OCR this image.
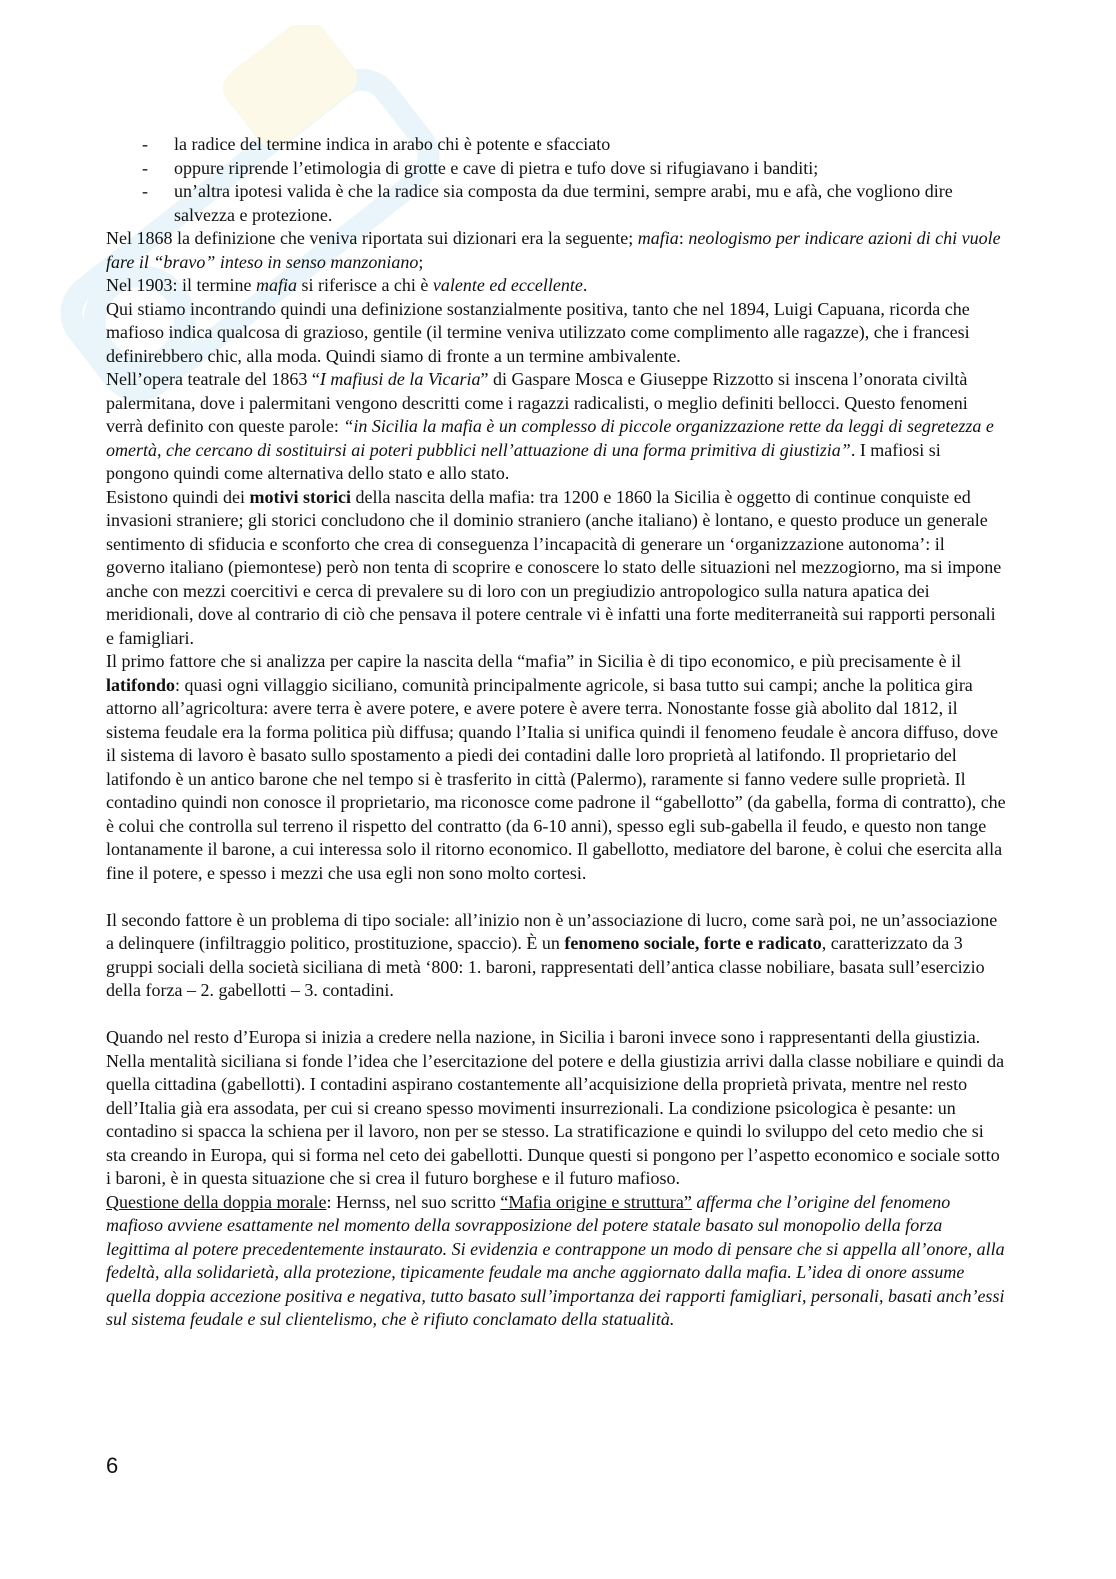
- la radice del termine indica in arabo chi è potente e sfacciato
- oppure riprende l’etimologia di grotte e cave di pietra e tufo dove si rifugiavano i banditi;
- un’altra ipotesi valida è che la radice sia composta da due termini, sempre arabi, mu e afà, che vogliono dire salvezza e protezione.

Nel 1868 la definizione che veniva riportata sui dizionari era la seguente; mafia: neologismo per indicare azioni di chi vuole fare il “bravo” inteso in senso manzoniano;

Nel 1903: il termine mafia si riferisce a chi è valente ed eccellente.

Qui stiamo incontrando quindi una definizione sostanzialmente positiva, tanto che nel 1894, Luigi Capuana, ricorda che mafioso indica qualcosa di grazioso, gentile (il termine veniva utilizzato come complimento alle ragazze), che i francesi definirebbero chic, alla moda. Quindi siamo di fronte a un termine ambivalente.

Nell’opera teatrale del 1863 “I mafiusi de la Vicaria” di Gaspare Mosca e Giuseppe Rizzotto si inscena l’onorata civiltà palermitana, dove i palermitani vengono descritti come i ragazzi radicalisti, o meglio definiti bellocci. Questo fenomeni verrà definito con queste parole: “in Sicilia la mafia è un complesso di piccole organizzazione rette da leggi di segretezza e omertà, che cercano di sostituirsi ai poteri pubblici nell’attuazione di una forma primitiva di giustizia”. I mafiosi si pongono quindi come alternativa dello stato e allo stato.

Esistono quindi dei motivi storici della nascita della mafia: tra 1200 e 1860 la Sicilia è oggetto di continue conquiste ed invasioni straniere; gli storici concludono che il dominio straniero (anche italiano) è lontano, e questo produce un generale sentimento di sfiducia e sconforto che crea di conseguenza l’incapacità di generare un ‘organizzazione autonoma’: il governo italiano (piemontese) però non tenta di scoprire e conoscere lo stato delle situazioni nel mezzogiorno, ma si impone anche con mezzi coercitivi e cerca di prevalere su di loro con un pregiudizio antropologico sulla natura apatica dei meridionali, dove al contrario di ciò che pensava il potere centrale vi è infatti una forte mediterraneità sui rapporti personali e famigliari.

Il primo fattore che si analizza per capire la nascita della “mafia” in Sicilia è di tipo economico, e più precisamente è il latifondo: quasi ogni villaggio siciliano, comunità principalmente agricole, si basa tutto sui campi; anche la politica gira attorno all’agricoltura: avere terra è avere potere, e avere potere è avere terra. Nonostante fosse già abolito dal 1812, il sistema feudale era la forma politica più diffusa; quando l’Italia si unifica quindi il fenomeno feudale è ancora diffuso, dove il sistema di lavoro è basato sullo spostamento a piedi dei contadini dalle loro proprietà al latifondo. Il proprietario del latifondo è un antico barone che nel tempo si è trasferito in città (Palermo), raramente si fanno vedere sulle proprietà. Il contadino quindi non conosce il proprietario, ma riconosce come padrone il “gabellotto” (da gabella, forma di contratto), che è colui che controlla sul terreno il rispetto del contratto (da 6-10 anni), spesso egli sub-gabella il feudo, e questo non tange lontanamente il barone, a cui interessa solo il ritorno economico. Il gabellotto, mediatore del barone, è colui che esercita alla fine il potere, e spesso i mezzi che usa egli non sono molto cortesi.

Il secondo fattore è un problema di tipo sociale: all’inizio non è un’associazione di lucro, come sarà poi, ne un’associazione a delinquere (infiltraggio politico, prostituzione, spaccio). È un fenomeno sociale, forte e radicato, caratterizzato da 3 gruppi sociali della società siciliana di metà ‘800: 1. baroni, rappresentati dell’antica classe nobiliare, basata sull’esercizio della forza – 2. gabellotti – 3. contadini.

Quando nel resto d’Europa si inizia a credere nella nazione, in Sicilia i baroni invece sono i rappresentanti della giustizia. Nella mentalità siciliana si fonde l’idea che l’esercitazione del potere e della giustizia arrivi dalla classe nobiliare e quindi da quella cittadina (gabellotti). I contadini aspirano costantemente all’acquisizione della proprietà privata, mentre nel resto dell’Italia già era assodata, per cui si creano spesso movimenti insurrezionali. La condizione psicologica è pesante: un contadino si spacca la schiena per il lavoro, non per se stesso. La stratificazione e quindi lo sviluppo del ceto medio che si sta creando in Europa, qui si forma nel ceto dei gabellotti. Dunque questi si pongono per l’aspetto economico e sociale sotto i baroni, è in questa situazione che si crea il futuro borghese e il futuro mafioso.

Questione della doppia morale: Hernss, nel suo scritto “Mafia origine e struttura” afferma che l’origine del fenomeno mafioso avviene esattamente nel momento della sovrapposizione del potere statale basato sul monopolio della forza legittima al potere precedentemente instaurato. Si evidenzia e contrappone un modo di pensare che si appella all’onore, alla fedeltà, alla solidarietà, alla protezione, tipicamente feudale ma anche aggiornato dalla mafia. L’idea di onore assume quella doppia accezione positiva e negativa, tutto basato sull’importanza dei rapporti famigliari, personali, basati anch’essi sul sistema feudale e sul clientelismo, che è rifiuto conclamato della statualità.

6
